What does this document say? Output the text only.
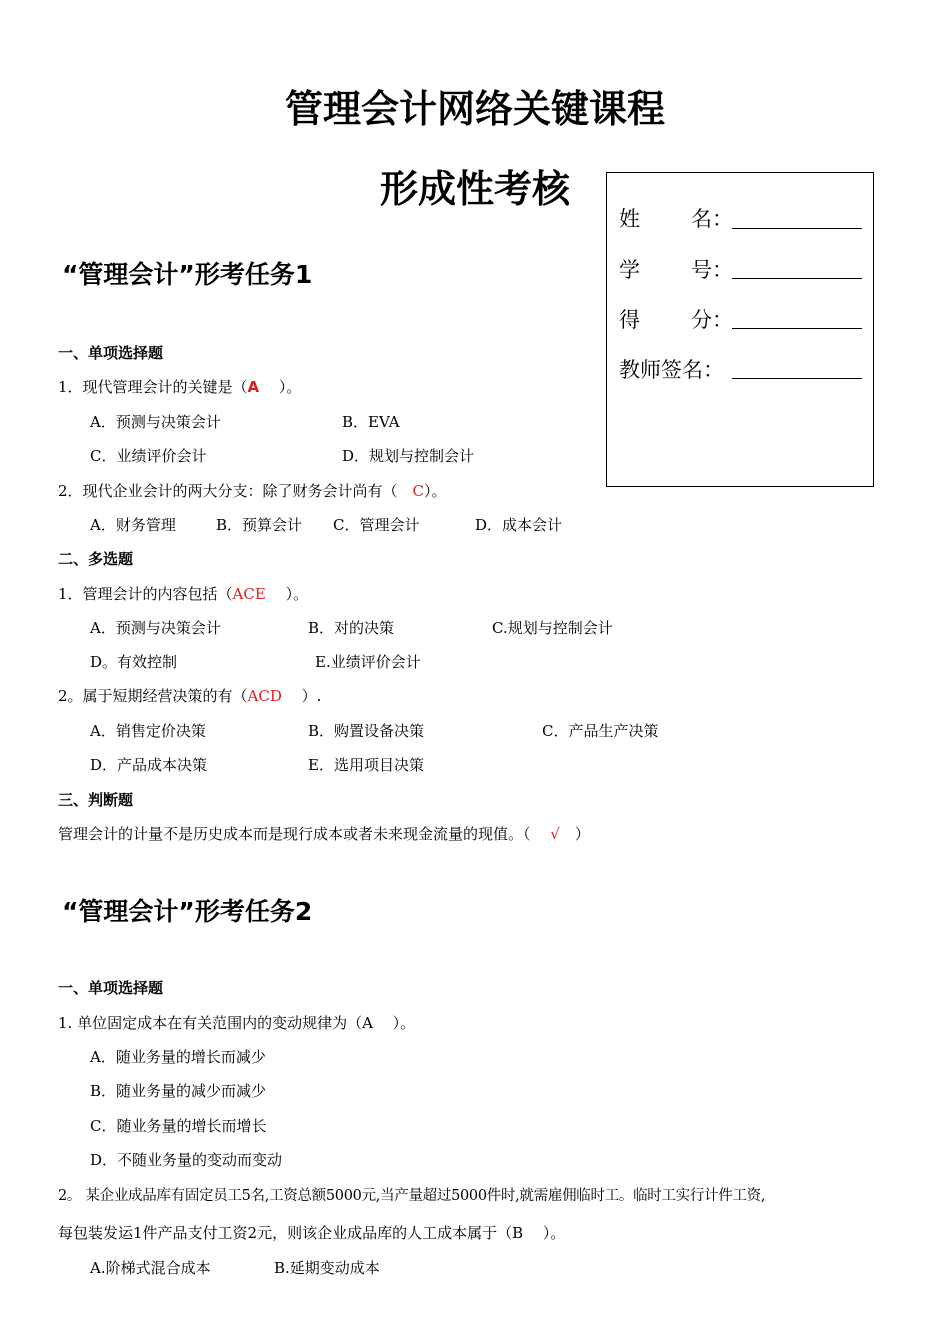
管理会计网络关键课程
形成性考核
姓 名：
学 号：
得 分：
教师签名：
“管理会计”形考任务1
一、单项选择题
1．现代管理会计的关键是（A　 ）。
A．预测与决策会计	B．EVA
C．业绩评价会计	D．规划与控制会计
2．现代企业会计的两大分支：除了财务会计尚有（　C）。
A．财务管理	B．预算会计 C．管理会计	D．成本会计
二、多选题
1．管理会计的内容包括（ACE　 ）。
A．预测与决策会计	B．对的决策	C.规划与控制会计
D。有效控制	E.业绩评价会计
2。属于短期经营决策的有（ACD　 ）.
A．销售定价决策	B．购置设备决策	C．产品生产决策
D．产品成本决策	E．选用项目决策
三、判断题
管理会计的计量不是历史成本而是现行成本或者未来现金流量的现值。（　 √　）
“管理会计”形考任务2
一、单项选择题
1. 单位固定成本在有关范围内的变动规律为（A　 ）。
A．随业务量的增长而减少
B．随业务量的减少而减少
C．随业务量的增长而增长
D．不随业务量的变动而变动
2。 某企业成品库有固定员工5名,工资总额5000元,当产量超过5000件时,就需雇佣临时工。临时工实行计件工资,
每包装发运1件产品支付工资2元，则该企业成品库的人工成本属于（B　 ）。
A.阶梯式混合成本	B.延期变动成本
